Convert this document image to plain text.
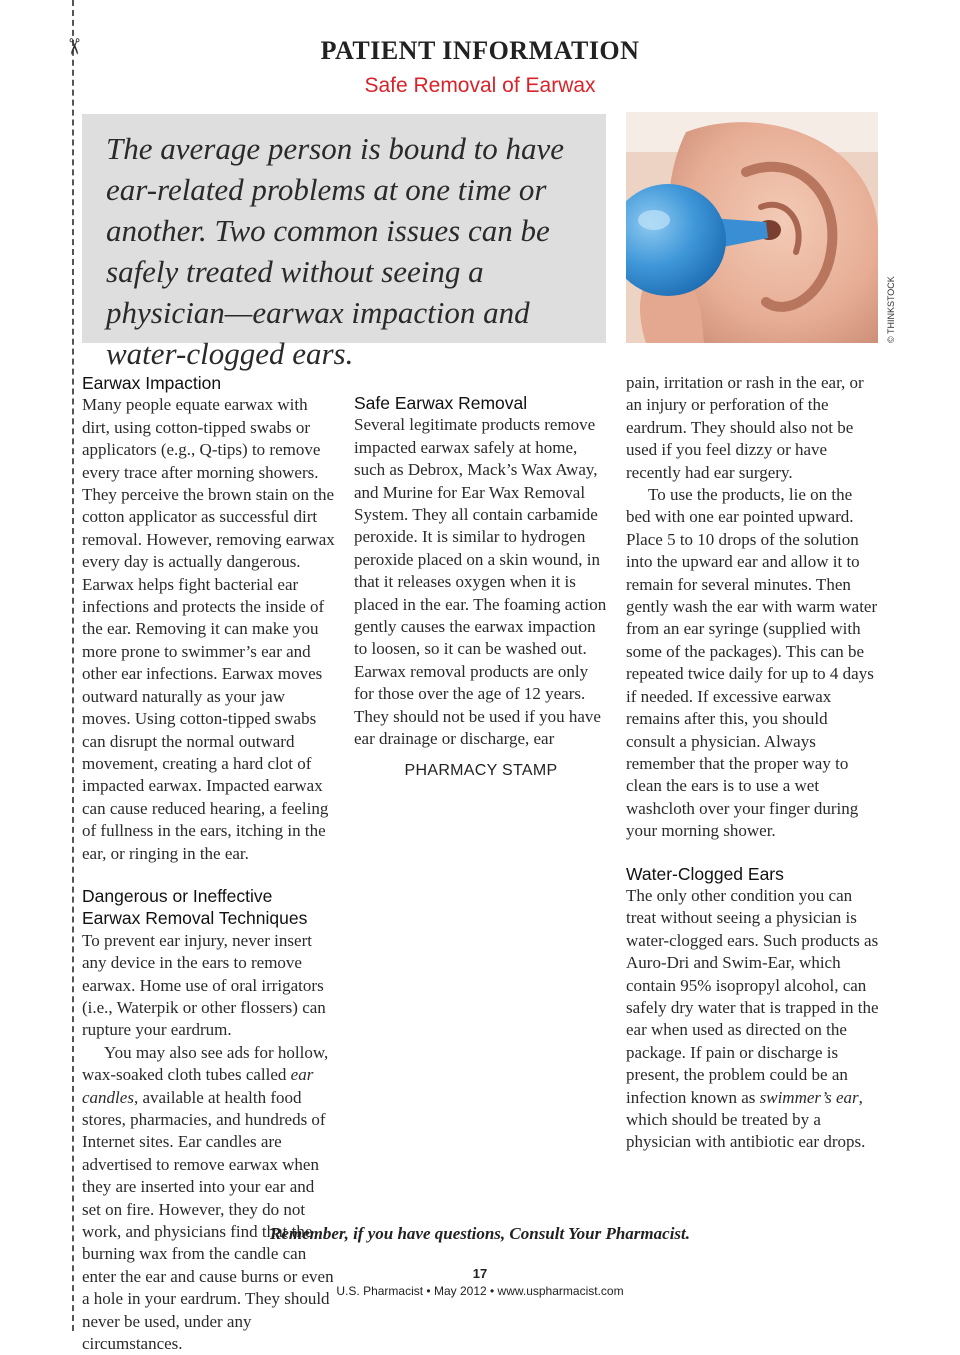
✂	PATIENT INFORMATION
Safe Removal of Earwax
The average person is bound to have ear-related problems at one time or another. Two common issues can be safely treated without seeing a physician—earwax impaction and water-clogged ears.
© THINKSTOCK
Earwax Impaction

Many people equate earwax with dirt, using cotton-tipped swabs or applicators (e.g., Q-tips) to remove every trace after morning showers. They perceive the brown stain on the cotton applicator as successful dirt removal. However, removing earwax every day is actually dangerous. Earwax helps fight bacterial ear infections and protects the inside of the ear. Removing it can make you more prone to swimmer’s ear and other ear infections. Earwax moves outward naturally as your jaw moves. Using cotton-tipped swabs can disrupt the normal outward movement, creating a hard clot of impacted earwax. Impacted earwax can cause reduced hearing, a feeling of fullness in the ears, itching in the ear, or ringing in the ear.

Dangerous or Ineffective
Earwax Removal Techniques

To prevent ear injury, never insert any device in the ears to remove earwax. Home use of oral irrigators (i.e., Waterpik or other flossers) can rupture your eardrum.

You may also see ads for hollow, wax-soaked cloth tubes called ear candles, available at health food stores, pharmacies, and hundreds of Internet sites. Ear candles are advertised to remove earwax when they are inserted into your ear and set on fire. However, they do not work, and physicians find that the burning wax from the candle can enter the ear and cause burns or even a hole in your eardrum. They should never be used, under any circumstances.

Safe Earwax Removal

Several legitimate products remove impacted earwax safely at home, such as Debrox, Mack’s Wax Away, and Murine for Ear Wax Removal System. They all contain carbamide peroxide. It is similar to hydrogen peroxide placed on a skin wound, in that it releases oxygen when it is placed in the ear. The foaming action gently causes the earwax impaction to loosen, so it can be washed out. Earwax removal products are only for those over the age of 12 years. They should not be used if you have ear drainage or discharge, ear

PHARMACY STAMP

pain, irritation or rash in the ear, or an injury or perforation of the eardrum. They should also not be used if you feel dizzy or have recently had ear surgery.

To use the products, lie on the bed with one ear pointed upward. Place 5 to 10 drops of the solution into the upward ear and allow it to remain for several minutes. Then gently wash the ear with warm water from an ear syringe (supplied with some of the packages). This can be repeated twice daily for up to 4 days if needed. If excessive earwax remains after this, you should consult a physician. Always remember that the proper way to clean the ears is to use a wet washcloth over your finger during your morning shower.

Water-Clogged Ears

The only other condition you can treat without seeing a physician is water-clogged ears. Such products as Auro-Dri and Swim-Ear, which contain 95% isopropyl alcohol, can safely dry water that is trapped in the ear when used as directed on the package. If pain or discharge is present, the problem could be an infection known as swimmer’s ear, which should be treated by a physician with antibiotic ear drops.

Remember, if you have questions, Consult Your Pharmacist.
17
U.S. Pharmacist • May 2012 • www.uspharmacist.com
